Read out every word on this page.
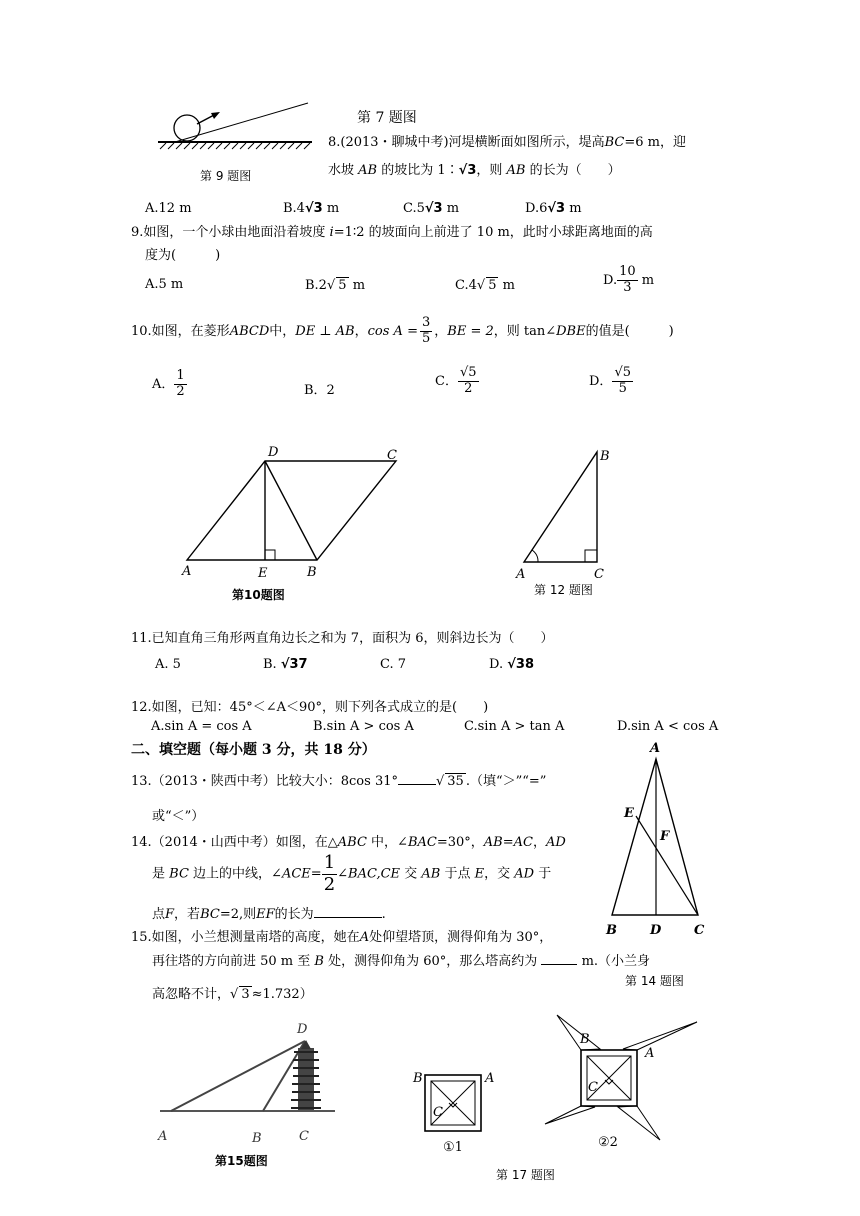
第 7 题图
第 9 题图
8.(2013・聊城中考)河堤横断面如图所示，堤高BC=6 m，迎
水坡 AB 的坡比为 1∶√3，则 AB 的长为（　　）
A.12 m	B.4√3 m	C.5√3 m	D.6√3 m
9.如图，一个小球由地面沿着坡度 i=1∶2 的坡面向上前进了 10 m，此时小球距离地面的高
度为(　　　)
A.5 m	B.2√ 5 m	C.4√ 5 m	D. $\frac{10}{3}$ m
10.如图，在菱形ABCD中，DE ⊥ AB，$\cos A = \frac{3}{5}$ ，BE = 2，则 tan∠DBE的值是(　　　)
A． $\frac{1}{2}$	B．2
C． $\frac{√5}{2}$	D． $\frac{√5}{5}$
D	C
A	E	B
第10题图
B
A	C
第 12 题图
11.已知直角三角形两直角边长之和为 7，面积为 6，则斜边长为（　　）
A. 5	B. √37	C. 7	D. √38
12.如图，已知：45°＜∠A＜90°，则下列各式成立的是(　　)
A.sin A = cos A	B.sin A > cos A	C.sin A > tan A	D.sin A < cos A
二、填空题（每小题 3 分，共 18 分）
13.（2013・陕西中考）比较大小：8cos 31°	√ 35 .（填“＞”“=”
或“＜”）
14.（2014・山西中考）如图，在△ABC 中，∠BAC=30°，AB=AC，AD
是 BC 边上的中线，∠ACE= $\frac{1}{2}$ ∠BAC,CE 交 AB 于点 E，交 AD 于
点F，若BC=2,则EF的长为	.
A
E
F
B	D	C
第 14 题图
15.如图，小兰想测量南塔的高度，她在A处仰望塔顶，测得仰角为 30°，
再往塔的方向前进 50 m 至 B 处，测得仰角为 60°，那么塔高约为	m.（小兰身
高忽略不计，√ 3 ≈1.732）
D
A	B	C
第15题图
B	A
C
B
A
C
①1	②2
第 17 题图
